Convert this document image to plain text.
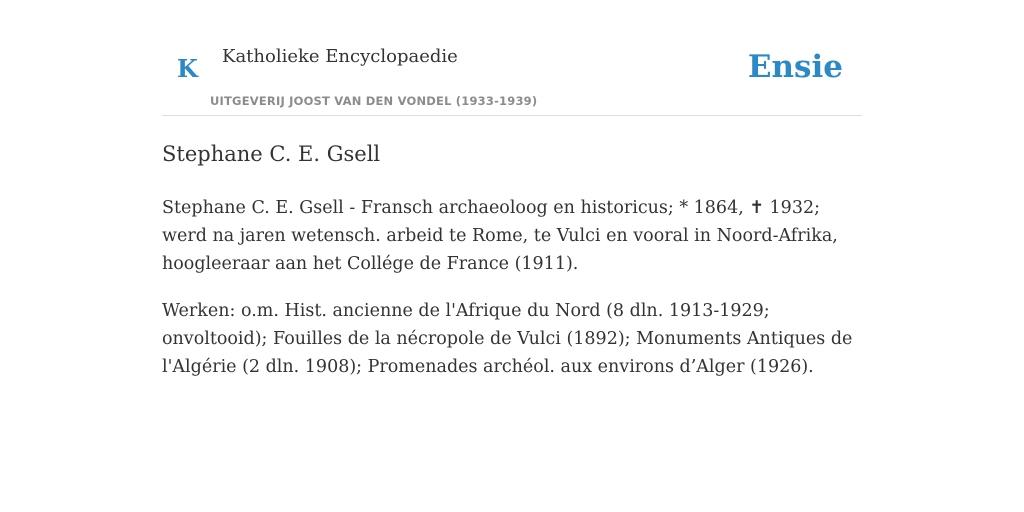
K Katholieke Encyclopaedie
UITGEVERIJ JOOST VAN DEN VONDEL (1933-1939)
Ensie
Stephane C. E. Gsell

Stephane C. E. Gsell - Fransch archaeoloog en historicus; * 1864, ✝ 1932; werd na jaren wetensch. arbeid te Rome, te Vulci en vooral in Noord-Afrika, hoogleeraar aan het Collége de France (1911).

Werken: o.m. Hist. ancienne de l'Afrique du Nord (8 dln. 1913-1929; onvoltooid); Fouilles de la nécropole de Vulci (1892); Monuments Antiques de l'Algérie (2 dln. 1908); Promenades archéol. aux environs d’Alger (1926).
